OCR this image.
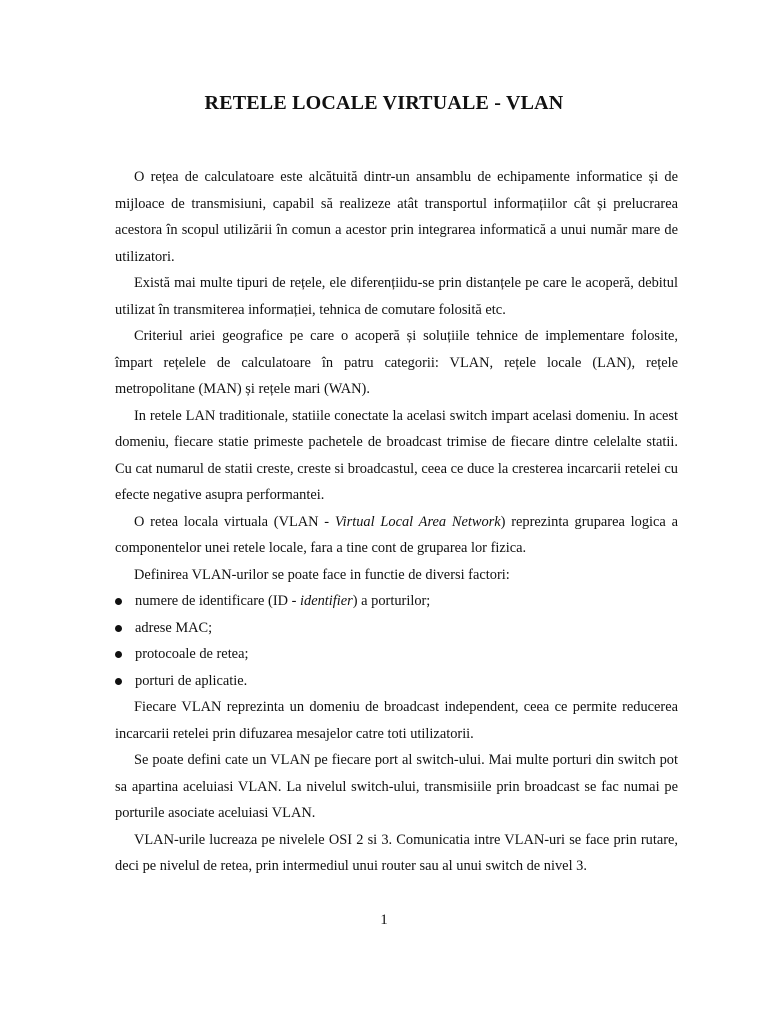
RETELE LOCALE VIRTUALE - VLAN

O rețea de calculatoare este alcătuită dintr-un ansamblu de echipamente informatice și de mijloace de transmisiuni, capabil să realizeze atât transportul informațiilor cât și prelucrarea acestora în scopul utilizării în comun a acestor prin integrarea informatică a unui număr mare de utilizatori.

Există mai multe tipuri de rețele, ele diferențiidu-se prin distanțele pe care le acoperă, debitul utilizat în transmiterea informației, tehnica de comutare folosită etc.

Criteriul ariei geografice pe care o acoperă și soluțiile tehnice de implementare folosite, împart rețelele de calculatoare în patru categorii: VLAN, rețele locale (LAN), rețele metropolitane (MAN) și rețele mari (WAN).

In retele LAN traditionale, statiile conectate la acelasi switch impart acelasi domeniu. In acest domeniu, fiecare statie primeste pachetele de broadcast trimise de fiecare dintre celelalte statii. Cu cat numarul de statii creste, creste si broadcastul, ceea ce duce la cresterea incarcarii retelei cu efecte negative asupra performantei.

O retea locala virtuala (VLAN - Virtual Local Area Network) reprezinta gruparea logica a componentelor unei retele locale, fara a tine cont de gruparea lor fizica.

Definirea VLAN-urilor se poate face in functie de diversi factori:

numere de identificare (ID - identifier) a porturilor;
adrese MAC;
protocoale de retea;
porturi de aplicatie.

Fiecare VLAN reprezinta un domeniu de broadcast independent, ceea ce permite reducerea incarcarii retelei prin difuzarea mesajelor catre toti utilizatorii.

Se poate defini cate un VLAN pe fiecare port al switch-ului. Mai multe porturi din switch pot sa apartina aceluiasi VLAN. La nivelul switch-ului, transmisiile prin broadcast se fac numai pe porturile asociate aceluiasi VLAN.

VLAN-urile lucreaza pe nivelele OSI 2 si 3. Comunicatia intre VLAN-uri se face prin rutare, deci pe nivelul de retea, prin intermediul unui router sau al unui switch de nivel 3.

1
